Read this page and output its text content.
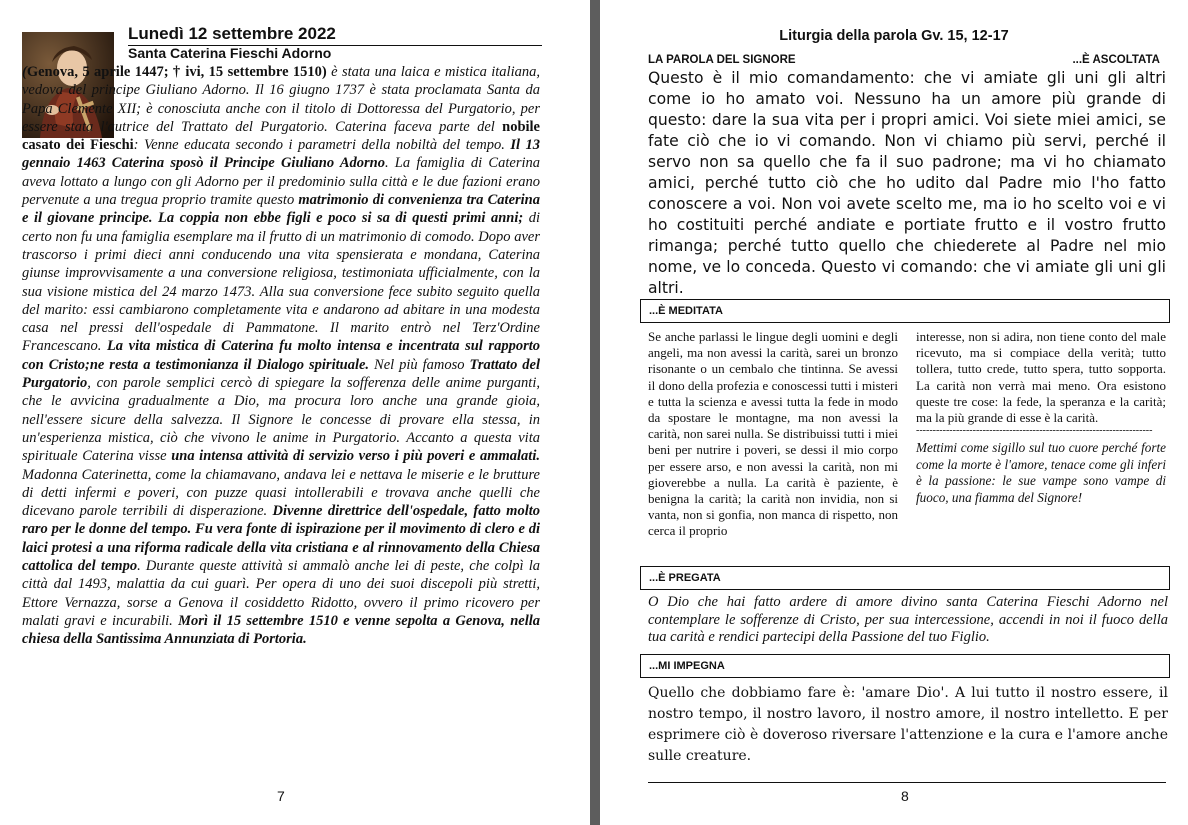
Lunedì 12 settembre 2022
Santa Caterina Fieschi Adorno

(Genova, 5 aprile 1447; † ivi, 15 settembre 1510) è stata una laica e mistica italiana, vedova del principe Giuliano Adorno. Il 16 giugno 1737 è stata proclamata Santa da Papa Clemente XII; è conosciuta anche con il titolo di Dottoressa del Purgatorio, per essere stata l'autrice del Trattato del Purgatorio. Caterina faceva parte del nobile casato dei Fieschi: Venne educata secondo i parametri della nobiltà del tempo. Il 13 gennaio 1463 Caterina sposò il Principe Giuliano Adorno. La famiglia di Caterina aveva lottato a lungo con gli Adorno per il predominio sulla città e le due fazioni erano pervenute a una tregua proprio tramite questo matrimonio di convenienza tra Caterina e il giovane principe. La coppia non ebbe figli e poco si sa di questi primi anni; di certo non fu una famiglia esemplare ma il frutto di un matrimonio di comodo. Dopo aver trascorso i primi dieci anni conducendo una vita spensierata e mondana, Caterina giunse improvvisamente a una conversione religiosa, testimoniata ufficialmente, con la sua visione mistica del 24 marzo 1473. Alla sua conversione fece subito seguito quella del marito: essi cambiarono completamente vita e andarono ad abitare in una modesta casa nel pressi dell'ospedale di Pammatone. Il marito entrò nel Terz'Ordine Francescano. La vita mistica di Caterina fu molto intensa e incentrata sul rapporto con Cristo;ne resta a testimonianza il Dialogo spirituale. Nel più famoso Trattato del Purgatorio, con parole semplici cercò di spiegare la sofferenza delle anime purganti, che le avvicina gradualmente a Dio, ma procura loro anche una grande gioia, nell'essere sicure della salvezza. Il Signore le concesse di provare ella stessa, in un'esperienza mistica, ciò che vivono le anime in Purgatorio. Accanto a questa vita spirituale Caterina visse una intensa attività di servizio verso i più poveri e ammalati. Madonna Caterinetta, come la chiamavano, andava lei e nettava le miserie e le brutture di detti infermi e poveri, con puzze quasi intollerabili e trovava anche quelli che dicevano parole terribili di disperazione. Divenne direttrice dell'ospedale, fatto molto raro per le donne del tempo. Fu vera fonte di ispirazione per il movimento di clero e di laici protesi a una riforma radicale della vita cristiana e al rinnovamento della Chiesa cattolica del tempo. Durante queste attività si ammalò anche lei di peste, che colpì la città dal 1493, malattia da cui guarì. Per opera di uno dei suoi discepoli più stretti, Ettore Vernazza, sorse a Genova il cosiddetto Ridotto, ovvero il primo ricovero per malati gravi e incurabili. Morì il 15 settembre 1510 e venne sepolta a Genova, nella chiesa della Santissima Annunziata di Portoria.

7
Liturgia della parola Gv. 15, 12-17
LA PAROLA DEL SIGNORE	...È ASCOLTATA

Questo è il mio comandamento: che vi amiate gli uni gli altri come io ho amato voi. Nessuno ha un amore più grande di questo: dare la sua vita per i propri amici. Voi siete miei amici, se fate ciò che io vi comando. Non vi chiamo più servi, perché il servo non sa quello che fa il suo padrone; ma vi ho chiamato amici, perché tutto ciò che ho udito dal Padre mio l'ho fatto conoscere a voi. Non voi avete scelto me, ma io ho scelto voi e vi ho costituiti perché andiate e portiate frutto e il vostro frutto rimanga; perché tutto quello che chiederete al Padre nel mio nome, ve lo conceda. Questo vi comando: che vi amiate gli uni gli altri.

...È MEDITATA

Se anche parlassi le lingue degli uomini e degli angeli, ma non avessi la carità, sarei un bronzo risonante o un cembalo che tintinna. Se avessi il dono della profezia e conoscessi tutti i misteri e tutta la scienza e avessi tutta la fede in modo da spostare le montagne, ma non avessi la carità, non sarei nulla. Se distribuissi tutti i miei beni per nutrire i poveri, se dessi il mio corpo per essere arso, e non avessi la carità, non mi gioverebbe a nulla. La carità è paziente, è benigna la carità; la carità non invidia, non si vanta, non si gonfia, non manca di rispetto, non cerca il proprio

interesse, non si adira, non tiene conto del male ricevuto, ma si compiace della verità; tutto tollera, tutto crede, tutto spera, tutto sopporta. La carità non verrà mai meno. Ora esistono queste tre cose: la fede, la speranza e la carità; ma la più grande di esse è la carità.

-----------------------------------------------------------------------

Mettimi come sigillo sul tuo cuore perché forte come la morte è l'amore, tenace come gli inferi è la passione: le sue vampe sono vampe di fuoco, una fiamma del Signore!

...È PREGATA

O Dio che hai fatto ardere di amore divino santa Caterina Fieschi Adorno nel contemplare le sofferenze di Cristo, per sua intercessione, accendi in noi il fuoco della tua carità e rendici partecipi della Passione del tuo Figlio.

...MI IMPEGNA

Quello che dobbiamo fare è: 'amare Dio'. A lui tutto il nostro essere, il nostro tempo, il nostro lavoro, il nostro amore, il nostro intelletto. E per esprimere ciò è doveroso riversare l'attenzione e la cura e l'amore anche sulle creature.

8
